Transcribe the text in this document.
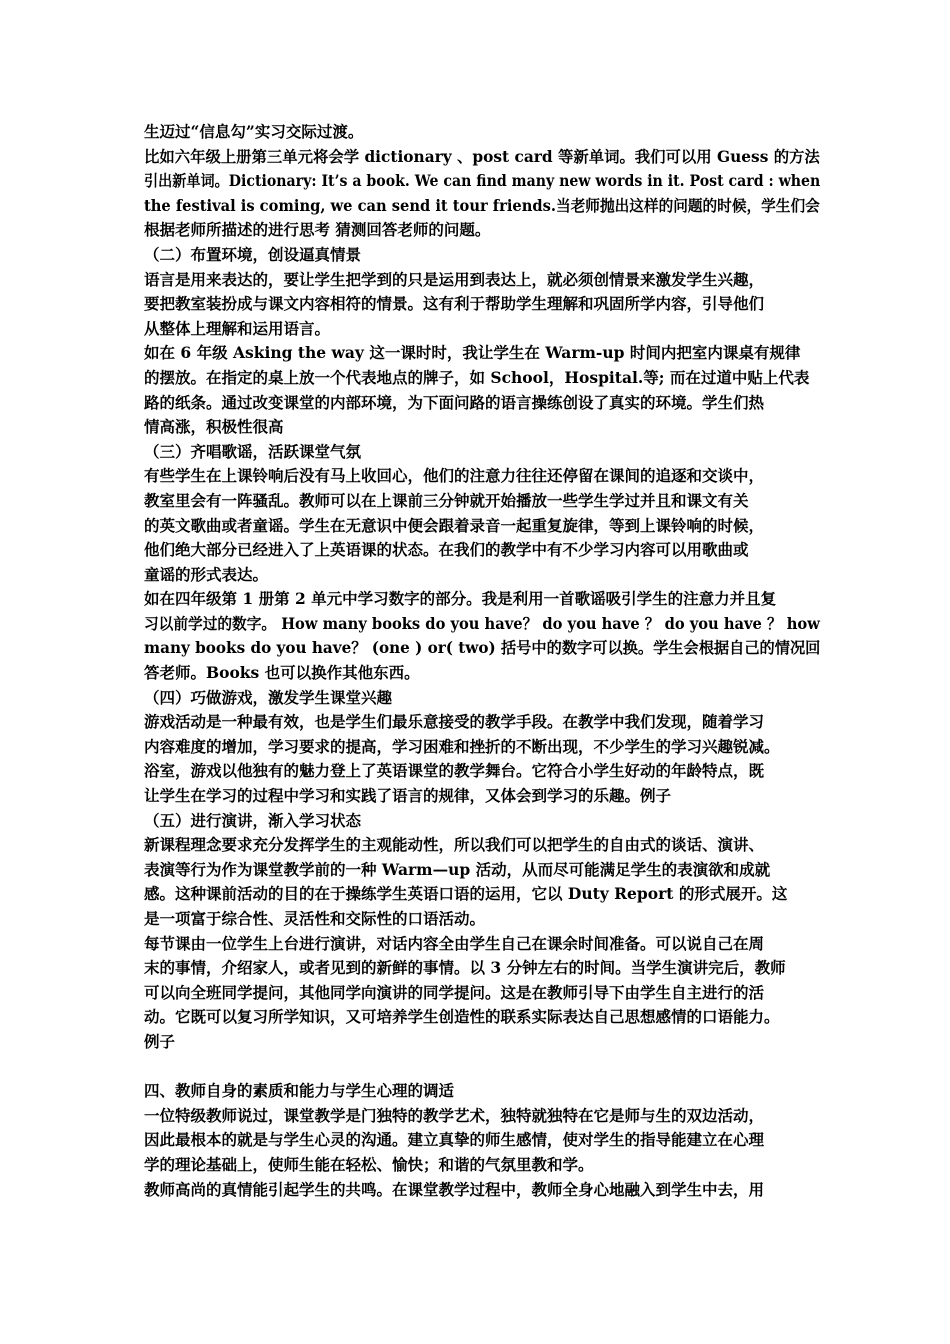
生迈过“信息勾”实习交际过渡。
比如六年级上册第三单元将会学 dictionary 、post card 等新单词。我们可以用 Guess 的方法
引出新单词。Dictionary: It’s a book. We can find many new words in it. Post card : when
the festival is coming, we can send it tour friends.当老师抛出这样的问题的时候，学生们会
根据老师所描述的进行思考 猜测回答老师的问题。
（二）布置环境，创设逼真情景
语言是用来表达的，要让学生把学到的只是运用到表达上，就必须创情景来激发学生兴趣，
要把教室装扮成与课文内容相符的情景。这有利于帮助学生理解和巩固所学内容，引导他们
从整体上理解和运用语言。
如在 6 年级 Asking the way 这一课时时，我让学生在 Warm-up 时间内把室内课桌有规律
的摆放。在指定的桌上放一个代表地点的牌子，如 School，Hospital.等; 而在过道中贴上代表
路的纸条。通过改变课堂的内部环境，为下面问路的语言操练创设了真实的环境。学生们热
情高涨，积极性很高
（三）齐唱歌谣，活跃课堂气氛
有些学生在上课铃响后没有马上收回心，他们的注意力往往还停留在课间的追逐和交谈中，
教室里会有一阵骚乱。教师可以在上课前三分钟就开始播放一些学生学过并且和课文有关
的英文歌曲或者童谣。学生在无意识中便会跟着录音一起重复旋律，等到上课铃响的时候，
他们绝大部分已经进入了上英语课的状态。在我们的教学中有不少学习内容可以用歌曲或
童谣的形式表达。
如在四年级第 1 册第 2 单元中学习数字的部分。我是利用一首歌谣吸引学生的注意力并且复
习以前学过的数字。 How many books do you have？ do you have ？ do you have ？ how
many books do you have？ (one ) or( two) 括号中的数字可以换。学生会根据自己的情况回
答老师。Books 也可以换作其他东西。
（四）巧做游戏，激发学生课堂兴趣
游戏活动是一种最有效，也是学生们最乐意接受的教学手段。在教学中我们发现，随着学习
内容难度的增加，学习要求的提高，学习困难和挫折的不断出现，不少学生的学习兴趣锐减。
浴室，游戏以他独有的魅力登上了英语课堂的教学舞台。它符合小学生好动的年龄特点，既
让学生在学习的过程中学习和实践了语言的规律，又体会到学习的乐趣。例子
（五）进行演讲，渐入学习状态
新课程理念要求充分发挥学生的主观能动性，所以我们可以把学生的自由式的谈话、演讲、
表演等行为作为课堂教学前的一种 Warm—up 活动，从而尽可能满足学生的表演欲和成就
感。这种课前活动的目的在于操练学生英语口语的运用，它以 Duty Report 的形式展开。这
是一项富于综合性、灵活性和交际性的口语活动。
每节课由一位学生上台进行演讲，对话内容全由学生自己在课余时间准备。可以说自己在周
末的事情，介绍家人，或者见到的新鲜的事情。以 3 分钟左右的时间。当学生演讲完后，教师
可以向全班同学提问，其他同学向演讲的同学提问。这是在教师引导下由学生自主进行的活
动。它既可以复习所学知识，又可培养学生创造性的联系实际表达自己思想感情的口语能力。
例子
四、教师自身的素质和能力与学生心理的调适
一位特级教师说过，课堂教学是门独特的教学艺术，独特就独特在它是师与生的双边活动，
因此最根本的就是与学生心灵的沟通。建立真挚的师生感情，使对学生的指导能建立在心理
学的理论基础上，使师生能在轻松、愉快；和谐的气氛里教和学。
教师高尚的真情能引起学生的共鸣。在课堂教学过程中，教师全身心地融入到学生中去，用
